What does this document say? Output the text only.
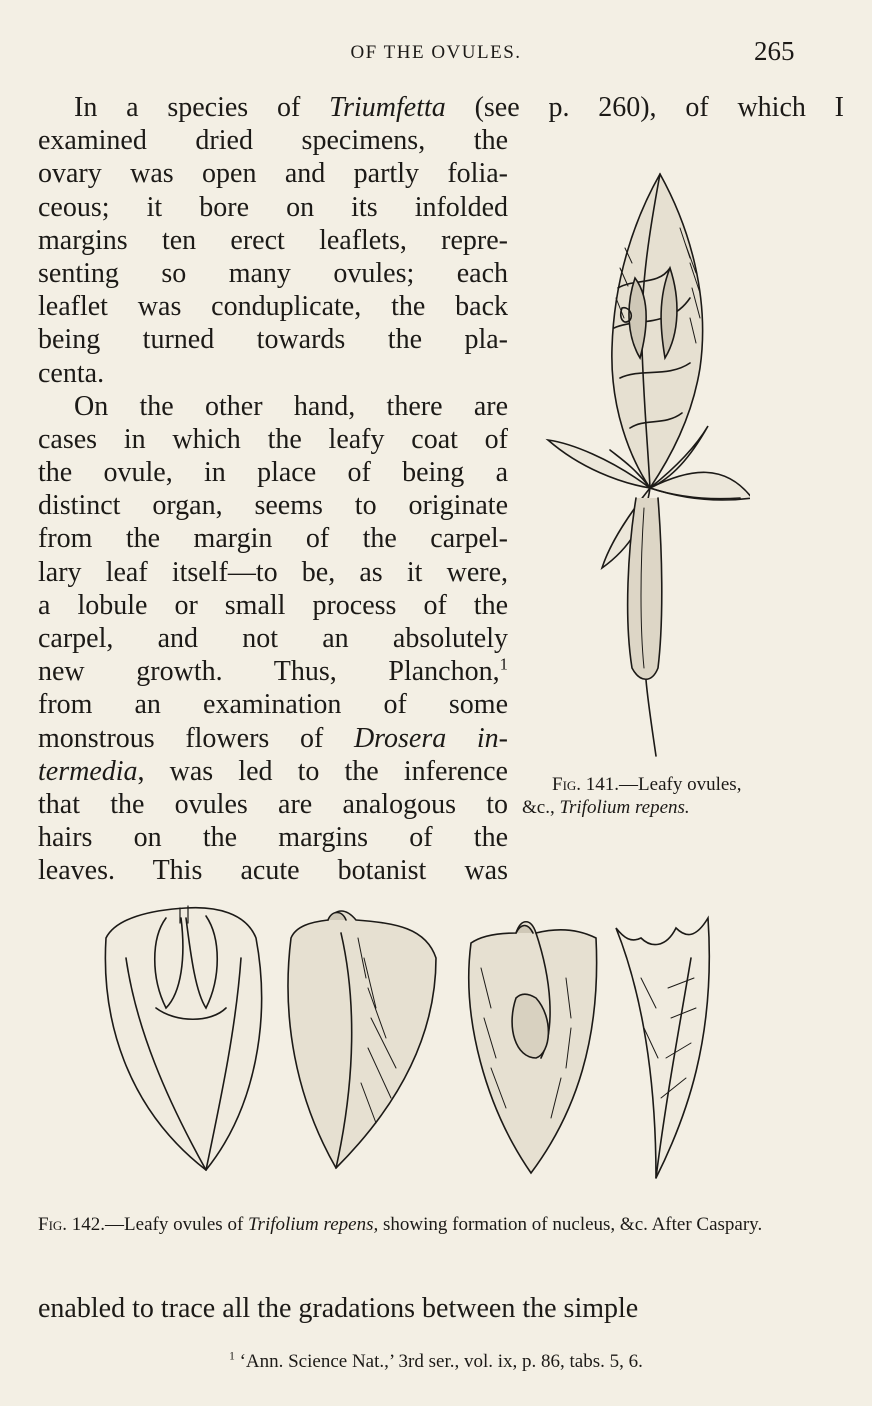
OF THE OVULES.	265
In a species of Triumfetta (see p. 260), of which I
examined dried specimens, the
ovary was open and partly folia-
ceous; it bore on its infolded
margins ten erect leaflets, repre-
senting so many ovules; each
leaflet was conduplicate, the back
being turned towards the pla-
centa.
On the other hand, there are
cases in which the leafy coat of
the ovule, in place of being a
distinct organ, seems to originate
from the margin of the carpel-
lary leaf itself—to be, as it were,
a lobule or small process of the
carpel, and not an absolutely
new growth. Thus, Planchon,$^1$
from an examination of some
monstrous flowers of Drosera in-
termedia, was led to the inference
that the ovules are analogous to
hairs on the margins of the
leaves. This acute botanist was
Fig. 141.—Leafy ovules,
&c., Trifolium repens.
Fig. 142.—Leafy ovules of Trifolium repens, showing formation of nucleus, &c. After Caspary.
enabled to trace all the gradations between the simple
$^1$ ‘Ann. Science Nat.,’ 3rd ser., vol. ix, p. 86, tabs. 5, 6.
